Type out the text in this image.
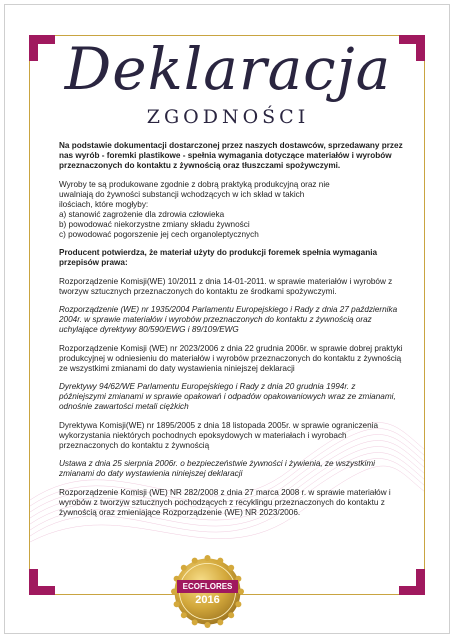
Deklaracja
ZGODNOŚCI

Na podstawie dokumentacji dostarczonej przez naszych dostawców, sprzedawany przez nas wyrób - foremki plastikowe - spełnia wymagania dotyczące materiałów i wyrobów przeznaczonych do kontaktu z żywnością oraz tłuszczami spożywczymi.

Wyroby te są produkowane zgodnie z dobrą praktyką produkcyjną oraz nie
uwalniają do żywności substancji wchodzących w ich skład w takich
ilościach, które mogłyby:
a) stanowić zagrożenie dla zdrowia człowieka
b) powodować niekorzystne zmiany składu żywności
c) powodować pogorszenie jej cech organoleptycznych

Producent potwierdza, że materiał użyty do produkcji foremek spełnia wymagania przepisów prawa:

Rozporządzenie Komisji(WE) 10/2011 z dnia 14-01-2011. w sprawie materiałów i wyrobów z tworzyw sztucznych przeznaczonych do kontaktu ze środkami spożywczymi.

Rozporządzenie (WE) nr 1935/2004 Parlamentu Europejskiego i Rady z dnia 27 października 2004r. w sprawie materiałów i wyrobów przeznaczonych do kontaktu z żywnością oraz uchylające dyrektywy 80/590/EWG i 89/109/EWG

Rozporządzenie Komisji (WE) nr 2023/2006 z dnia 22 grudnia 2006r. w sprawie dobrej praktyki produkcyjnej w odniesieniu do materiałów i wyrobów przeznaczonych do kontaktu z żywnością ze wszystkimi zmianami do daty wystawienia niniejszej deklaracji

Dyrektywy 94/62/WE Parlamentu Europejskiego i Rady z dnia 20 grudnia 1994r. z późniejszymi zmianami w sprawie opakowań i odpadów opakowaniowych wraz ze zmianami, odnośnie zawartości metali ciężkich

Dyrektywa Komisji(WE) nr 1895/2005 z dnia 18 listopada 2005r. w sprawie ograniczenia wykorzystania niektórych pochodnych epoksydowych w materiałach i wyrobach przeznaczonych do kontaktu z żywnością

Ustawa z dnia 25 sierpnia 2006r. o bezpieczeństwie żywności i żywienia, ze wszystkimi zmianami do daty wystawienia niniejszej deklaracji

Rozporządzenie Komisji (WE) NR 282/2008 z dnia 27 marca 2008 r. w sprawie materiałów i wyrobów z tworzyw sztucznych pochodzących z recyklingu przeznaczonych do kontaktu z żywnością oraz zmieniające Rozporządzenie (WE) NR 2023/2006.

ECOFLORES
2016
